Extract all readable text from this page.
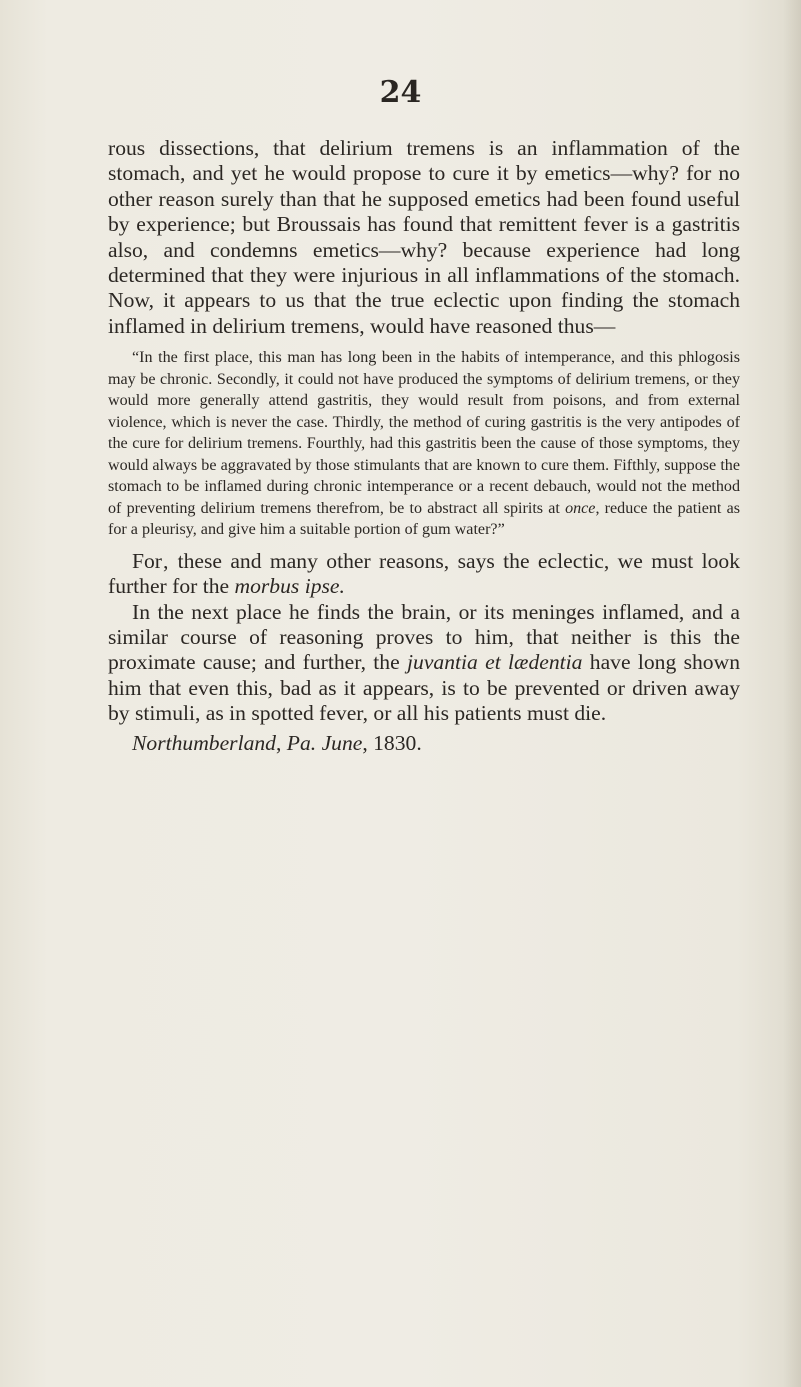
24

rous dissections, that delirium tremens is an inflammation of the stomach, and yet he would propose to cure it by emetics—why? for no other reason surely than that he supposed emetics had been found useful by experience; but Broussais has found that remittent fever is a gastritis also, and condemns emetics—why? because experience had long determined that they were injurious in all inflammations of the stomach. Now, it appears to us that the true eclectic upon finding the stomach inflamed in delirium tremens, would have reasoned thus—

“In the first place, this man has long been in the habits of intemperance, and this phlogosis may be chronic. Secondly, it could not have produced the symptoms of delirium tremens, or they would more generally attend gastritis, they would result from poisons, and from external violence, which is never the case. Thirdly, the method of curing gastritis is the very antipodes of the cure for delirium tremens. Fourthly, had this gastritis been the cause of those symptoms, they would always be aggravated by those stimulants that are known to cure them. Fifthly, suppose the stomach to be inflamed during chronic intemperance or a recent debauch, would not the method of preventing delirium tremens therefrom, be to abstract all spirits at once, reduce the patient as for a pleurisy, and give him a suitable portion of gum water?”

For‚ these and many other reasons, says the eclectic, we must look further for the morbus ipse.

In the next place he finds the brain, or its meninges inflamed, and a similar course of reasoning proves to him, that neither is this the proximate cause; and further, the juvantia et lædentia have long shown him that even this, bad as it appears, is to be prevented or driven away by stimuli, as in spotted fever, or all his patients must die.

Northumberland, Pa. June, 1830.
